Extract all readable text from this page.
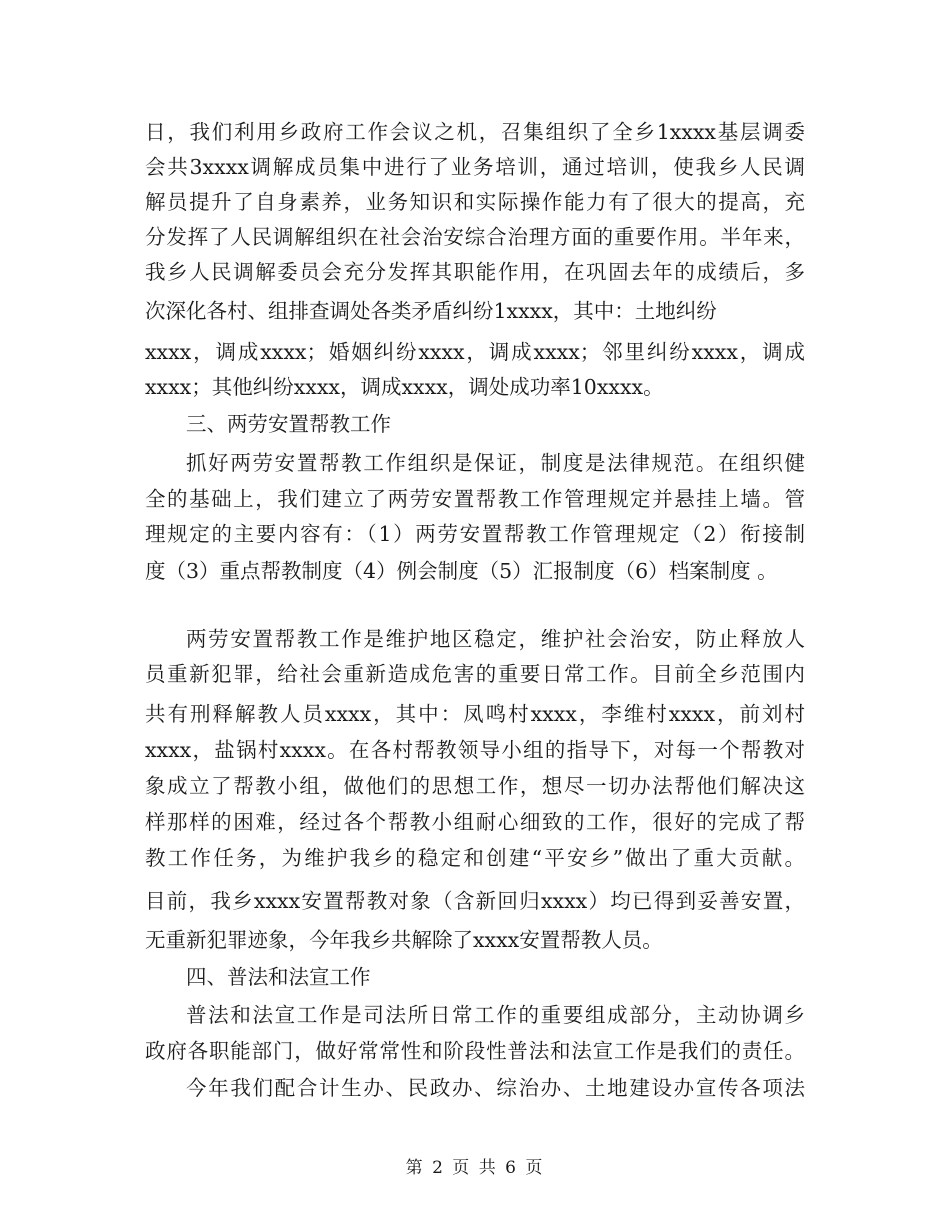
日，我们利用乡政府工作会议之机，召集组织了全乡1xxxx基层调委
会共3xxxx调解成员集中进行了业务培训，通过培训，使我乡人民调
解员提升了自身素养，业务知识和实际操作能力有了很大的提高，充
分发挥了人民调解组织在社会治安综合治理方面的重要作用。半年来，
我乡人民调解委员会充分发挥其职能作用，在巩固去年的成绩后，多
次深化各村、组排查调处各类矛盾纠纷1xxxx，其中：土地纠纷
xxxx，调成xxxx；婚姻纠纷xxxx，调成xxxx；邻里纠纷xxxx，调成
xxxx；其他纠纷xxxx，调成xxxx，调处成功率10xxxx。
三、两劳安置帮教工作
抓好两劳安置帮教工作组织是保证，制度是法律规范。在组织健
全的基础上，我们建立了两劳安置帮教工作管理规定并悬挂上墙。管
理规定的主要内容有：（1）两劳安置帮教工作管理规定（2）衔接制
度（3）重点帮教制度（4）例会制度（5）汇报制度（6）档案制度 。
两劳安置帮教工作是维护地区稳定，维护社会治安，防止释放人
员重新犯罪，给社会重新造成危害的重要日常工作。目前全乡范围内
共有刑释解教人员xxxx，其中：凤鸣村xxxx，李维村xxxx，前刘村
xxxx，盐锅村xxxx。在各村帮教领导小组的指导下，对每一个帮教对
象成立了帮教小组，做他们的思想工作，想尽一切办法帮他们解决这
样那样的困难，经过各个帮教小组耐心细致的工作，很好的完成了帮
教工作任务，为维护我乡的稳定和创建“平安乡”做出了重大贡献。
目前，我乡xxxx安置帮教对象（含新回归xxxx）均已得到妥善安置，
无重新犯罪迹象，今年我乡共解除了xxxx安置帮教人员。
四、普法和法宣工作
普法和法宣工作是司法所日常工作的重要组成部分，主动协调乡
政府各职能部门，做好常常性和阶段性普法和法宣工作是我们的责任。
今年我们配合计生办、民政办、综治办、土地建设办宣传各项法
第 2 页 共 6 页
